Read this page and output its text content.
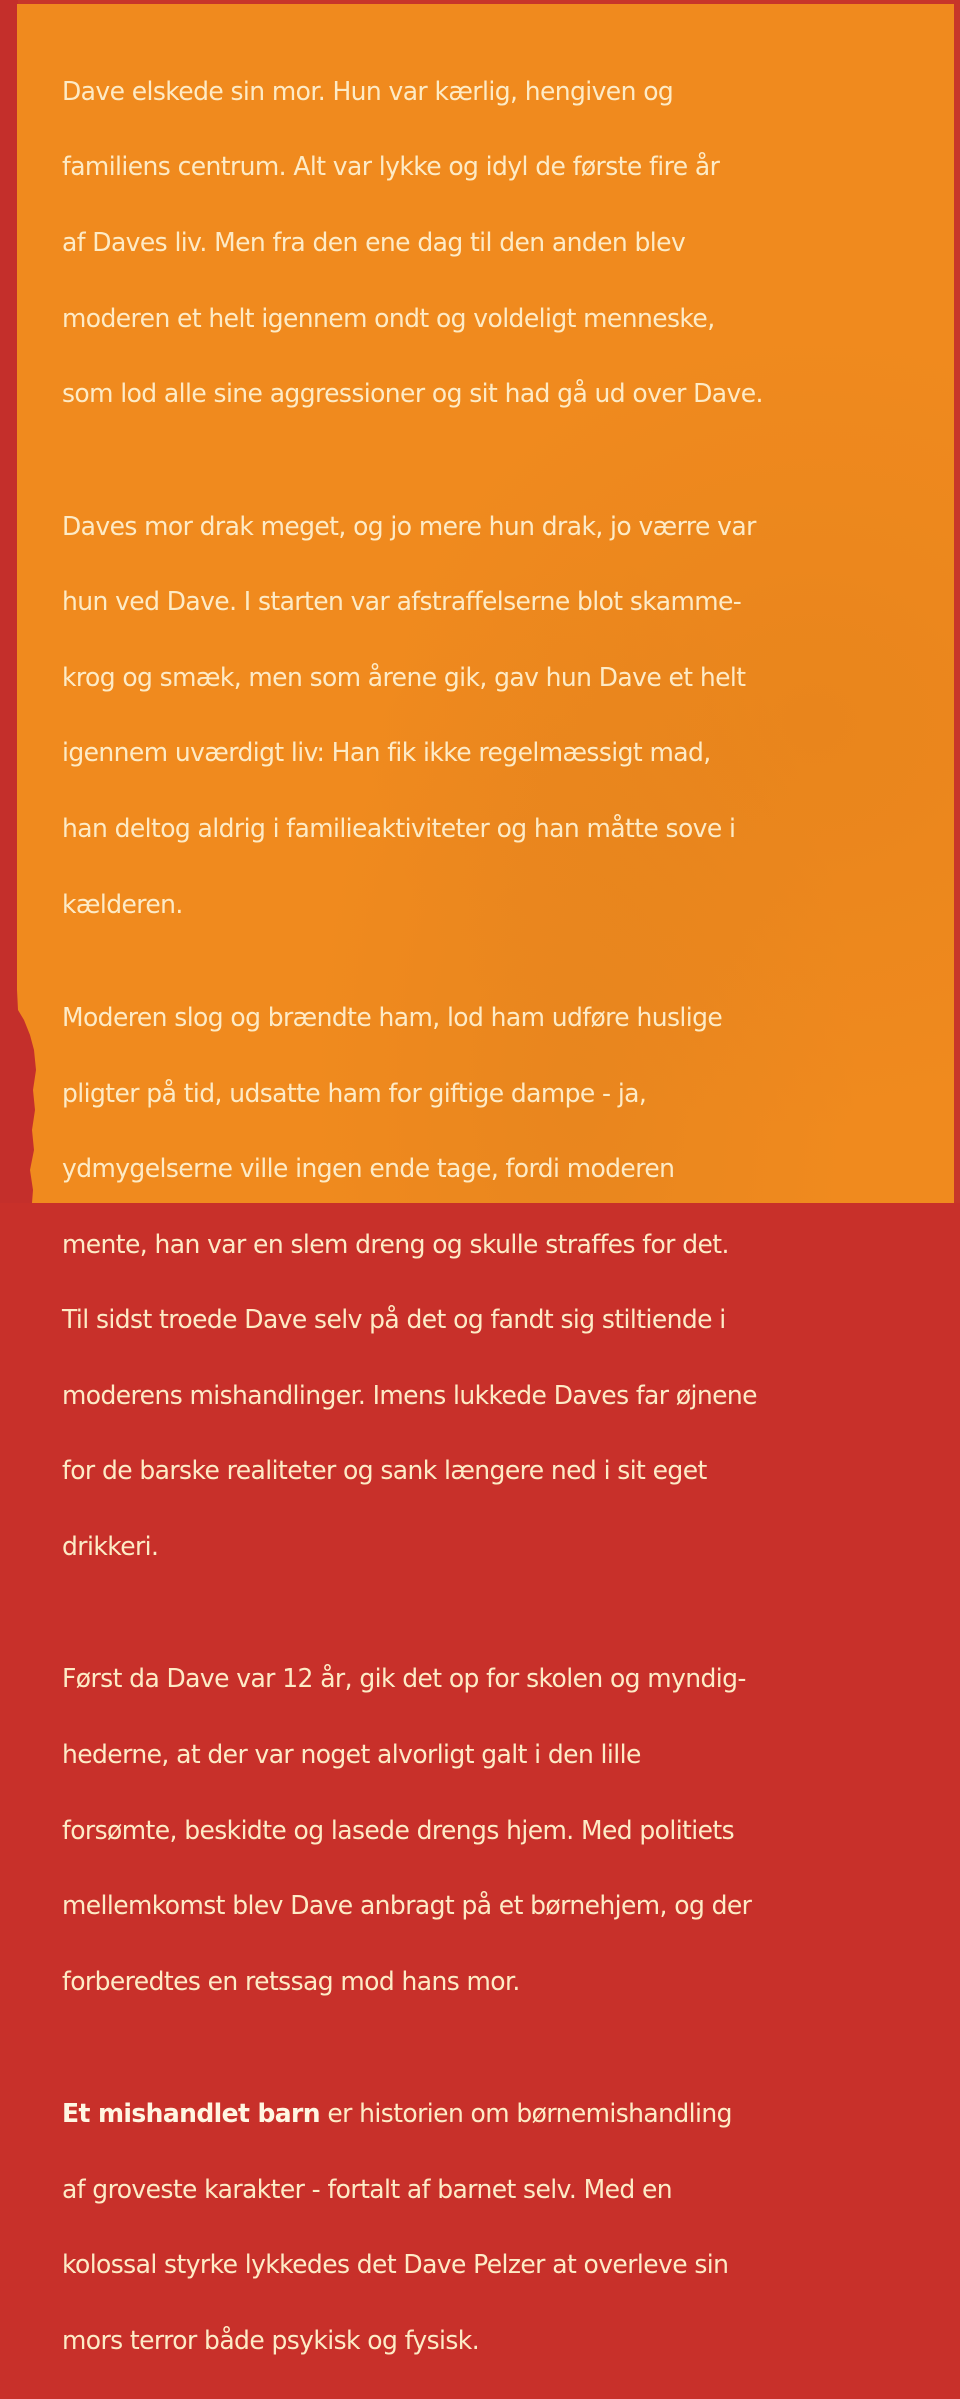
Dave elskede sin mor. Hun var kærlig, hengiven og

familiens centrum. Alt var lykke og idyl de første fire år

af Daves liv. Men fra den ene dag til den anden blev

moderen et helt igennem ondt og voldeligt menneske,

som lod alle sine aggressioner og sit had gå ud over Dave.

Daves mor drak meget, og jo mere hun drak, jo værre var

hun ved Dave. I starten var afstraffelserne blot skamme-

krog og smæk, men som årene gik, gav hun Dave et helt

igennem uværdigt liv: Han fik ikke regelmæssigt mad,

han deltog aldrig i familieaktiviteter og han måtte sove i

kælderen.

Moderen slog og brændte ham, lod ham udføre huslige

pligter på tid, udsatte ham for giftige dampe - ja,

ydmygelserne ville ingen ende tage, fordi moderen

mente, han var en slem dreng og skulle straffes for det.

Til sidst troede Dave selv på det og fandt sig stiltiende i

moderens mishandlinger. Imens lukkede Daves far øjnene

for de barske realiteter og sank længere ned i sit eget

drikkeri.

Først da Dave var 12 år, gik det op for skolen og myndig-

hederne, at der var noget alvorligt galt i den lille

forsømte, beskidte og lasede drengs hjem. Med politiets

mellemkomst blev Dave anbragt på et børnehjem, og der

forberedtes en retssag mod hans mor.

Et mishandlet barn er historien om børnemishandling

af groveste karakter - fortalt af barnet selv. Med en

kolossal styrke lykkedes det Dave Pelzer at overleve sin

mors terror både psykisk og fysisk.
